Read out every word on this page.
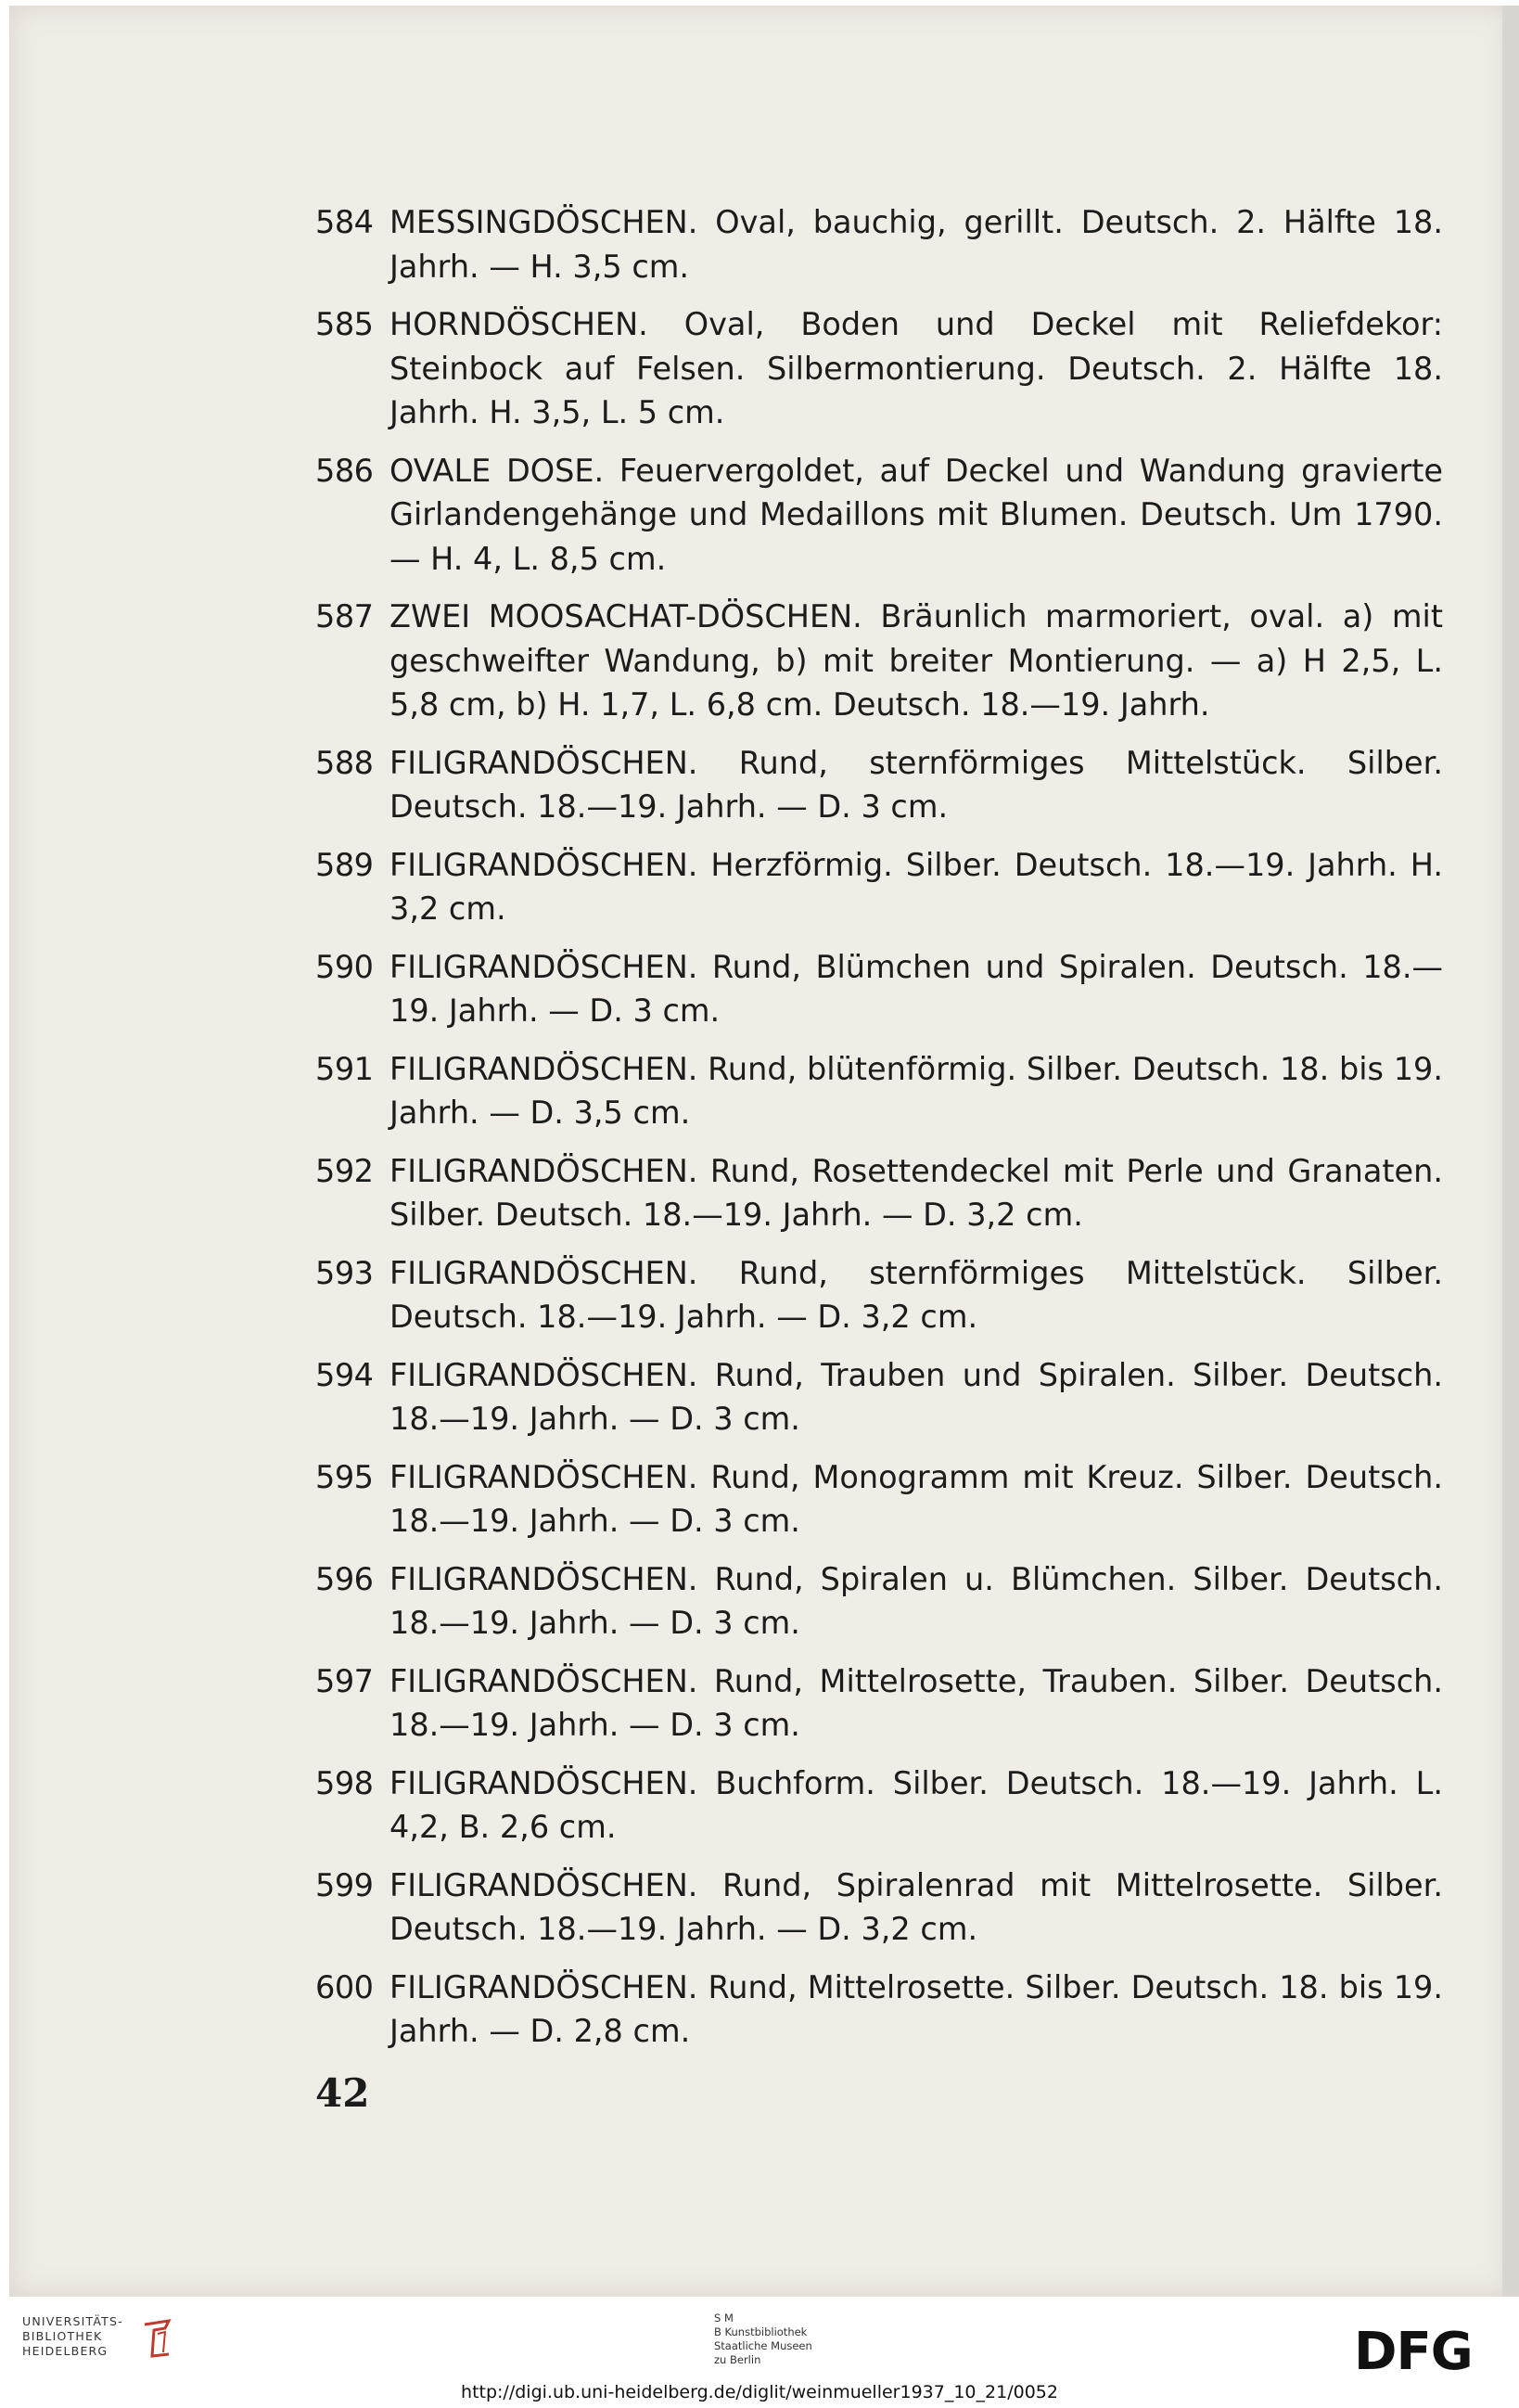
584 MESSINGDÖSCHEN. Oval, bauchig, gerillt. Deutsch. 2. Hälfte 18. Jahrh. — H. 3,5 cm.
585 HORNDÖSCHEN. Oval, Boden und Deckel mit Reliefdekor: Steinbock auf Felsen. Silbermontierung. Deutsch. 2. Hälfte 18. Jahrh. H. 3,5, L. 5 cm.
586 OVALE DOSE. Feuervergoldet, auf Deckel und Wandung gravierte Girlandengehänge und Medaillons mit Blumen. Deutsch. Um 1790. — H. 4, L. 8,5 cm.
587 ZWEI MOOSACHAT-DÖSCHEN. Bräunlich marmoriert, oval. a) mit geschweifter Wandung, b) mit breiter Montierung. — a) H 2,5, L. 5,8 cm, b) H. 1,7, L. 6,8 cm. Deutsch. 18.—19. Jahrh.
588 FILIGRANDÖSCHEN. Rund, sternförmiges Mittelstück. Silber. Deutsch. 18.—19. Jahrh. — D. 3 cm.
589 FILIGRANDÖSCHEN. Herzförmig. Silber. Deutsch. 18.—19. Jahrh. H. 3,2 cm.
590 FILIGRANDÖSCHEN. Rund, Blümchen und Spiralen. Deutsch. 18.—19. Jahrh. — D. 3 cm.
591 FILIGRANDÖSCHEN. Rund, blütenförmig. Silber. Deutsch. 18. bis 19. Jahrh. — D. 3,5 cm.
592 FILIGRANDÖSCHEN. Rund, Rosettendeckel mit Perle und Granaten. Silber. Deutsch. 18.—19. Jahrh. — D. 3,2 cm.
593 FILIGRANDÖSCHEN. Rund, sternförmiges Mittelstück. Silber. Deutsch. 18.—19. Jahrh. — D. 3,2 cm.
594 FILIGRANDÖSCHEN. Rund, Trauben und Spiralen. Silber. Deutsch. 18.—19. Jahrh. — D. 3 cm.
595 FILIGRANDÖSCHEN. Rund, Monogramm mit Kreuz. Silber. Deutsch. 18.—19. Jahrh. — D. 3 cm.
596 FILIGRANDÖSCHEN. Rund, Spiralen u. Blümchen. Silber. Deutsch. 18.—19. Jahrh. — D. 3 cm.
597 FILIGRANDÖSCHEN. Rund, Mittelrosette, Trauben. Silber. Deutsch. 18.—19. Jahrh. — D. 3 cm.
598 FILIGRANDÖSCHEN. Buchform. Silber. Deutsch. 18.—19. Jahrh. L. 4,2, B. 2,6 cm.
599 FILIGRANDÖSCHEN. Rund, Spiralenrad mit Mittelrosette. Silber. Deutsch. 18.—19. Jahrh. — D. 3,2 cm.
600 FILIGRANDÖSCHEN. Rund, Mittelrosette. Silber. Deutsch. 18. bis 19. Jahrh. — D. 2,8 cm.
42
UNIVERSITÄTS-
BIBLIOTHEK
HEIDELBERG
S M
B Kunstbibliothek
Staatliche Museen
zu Berlin	DFG
http://digi.ub.uni-heidelberg.de/diglit/weinmueller1937_10_21/0052
